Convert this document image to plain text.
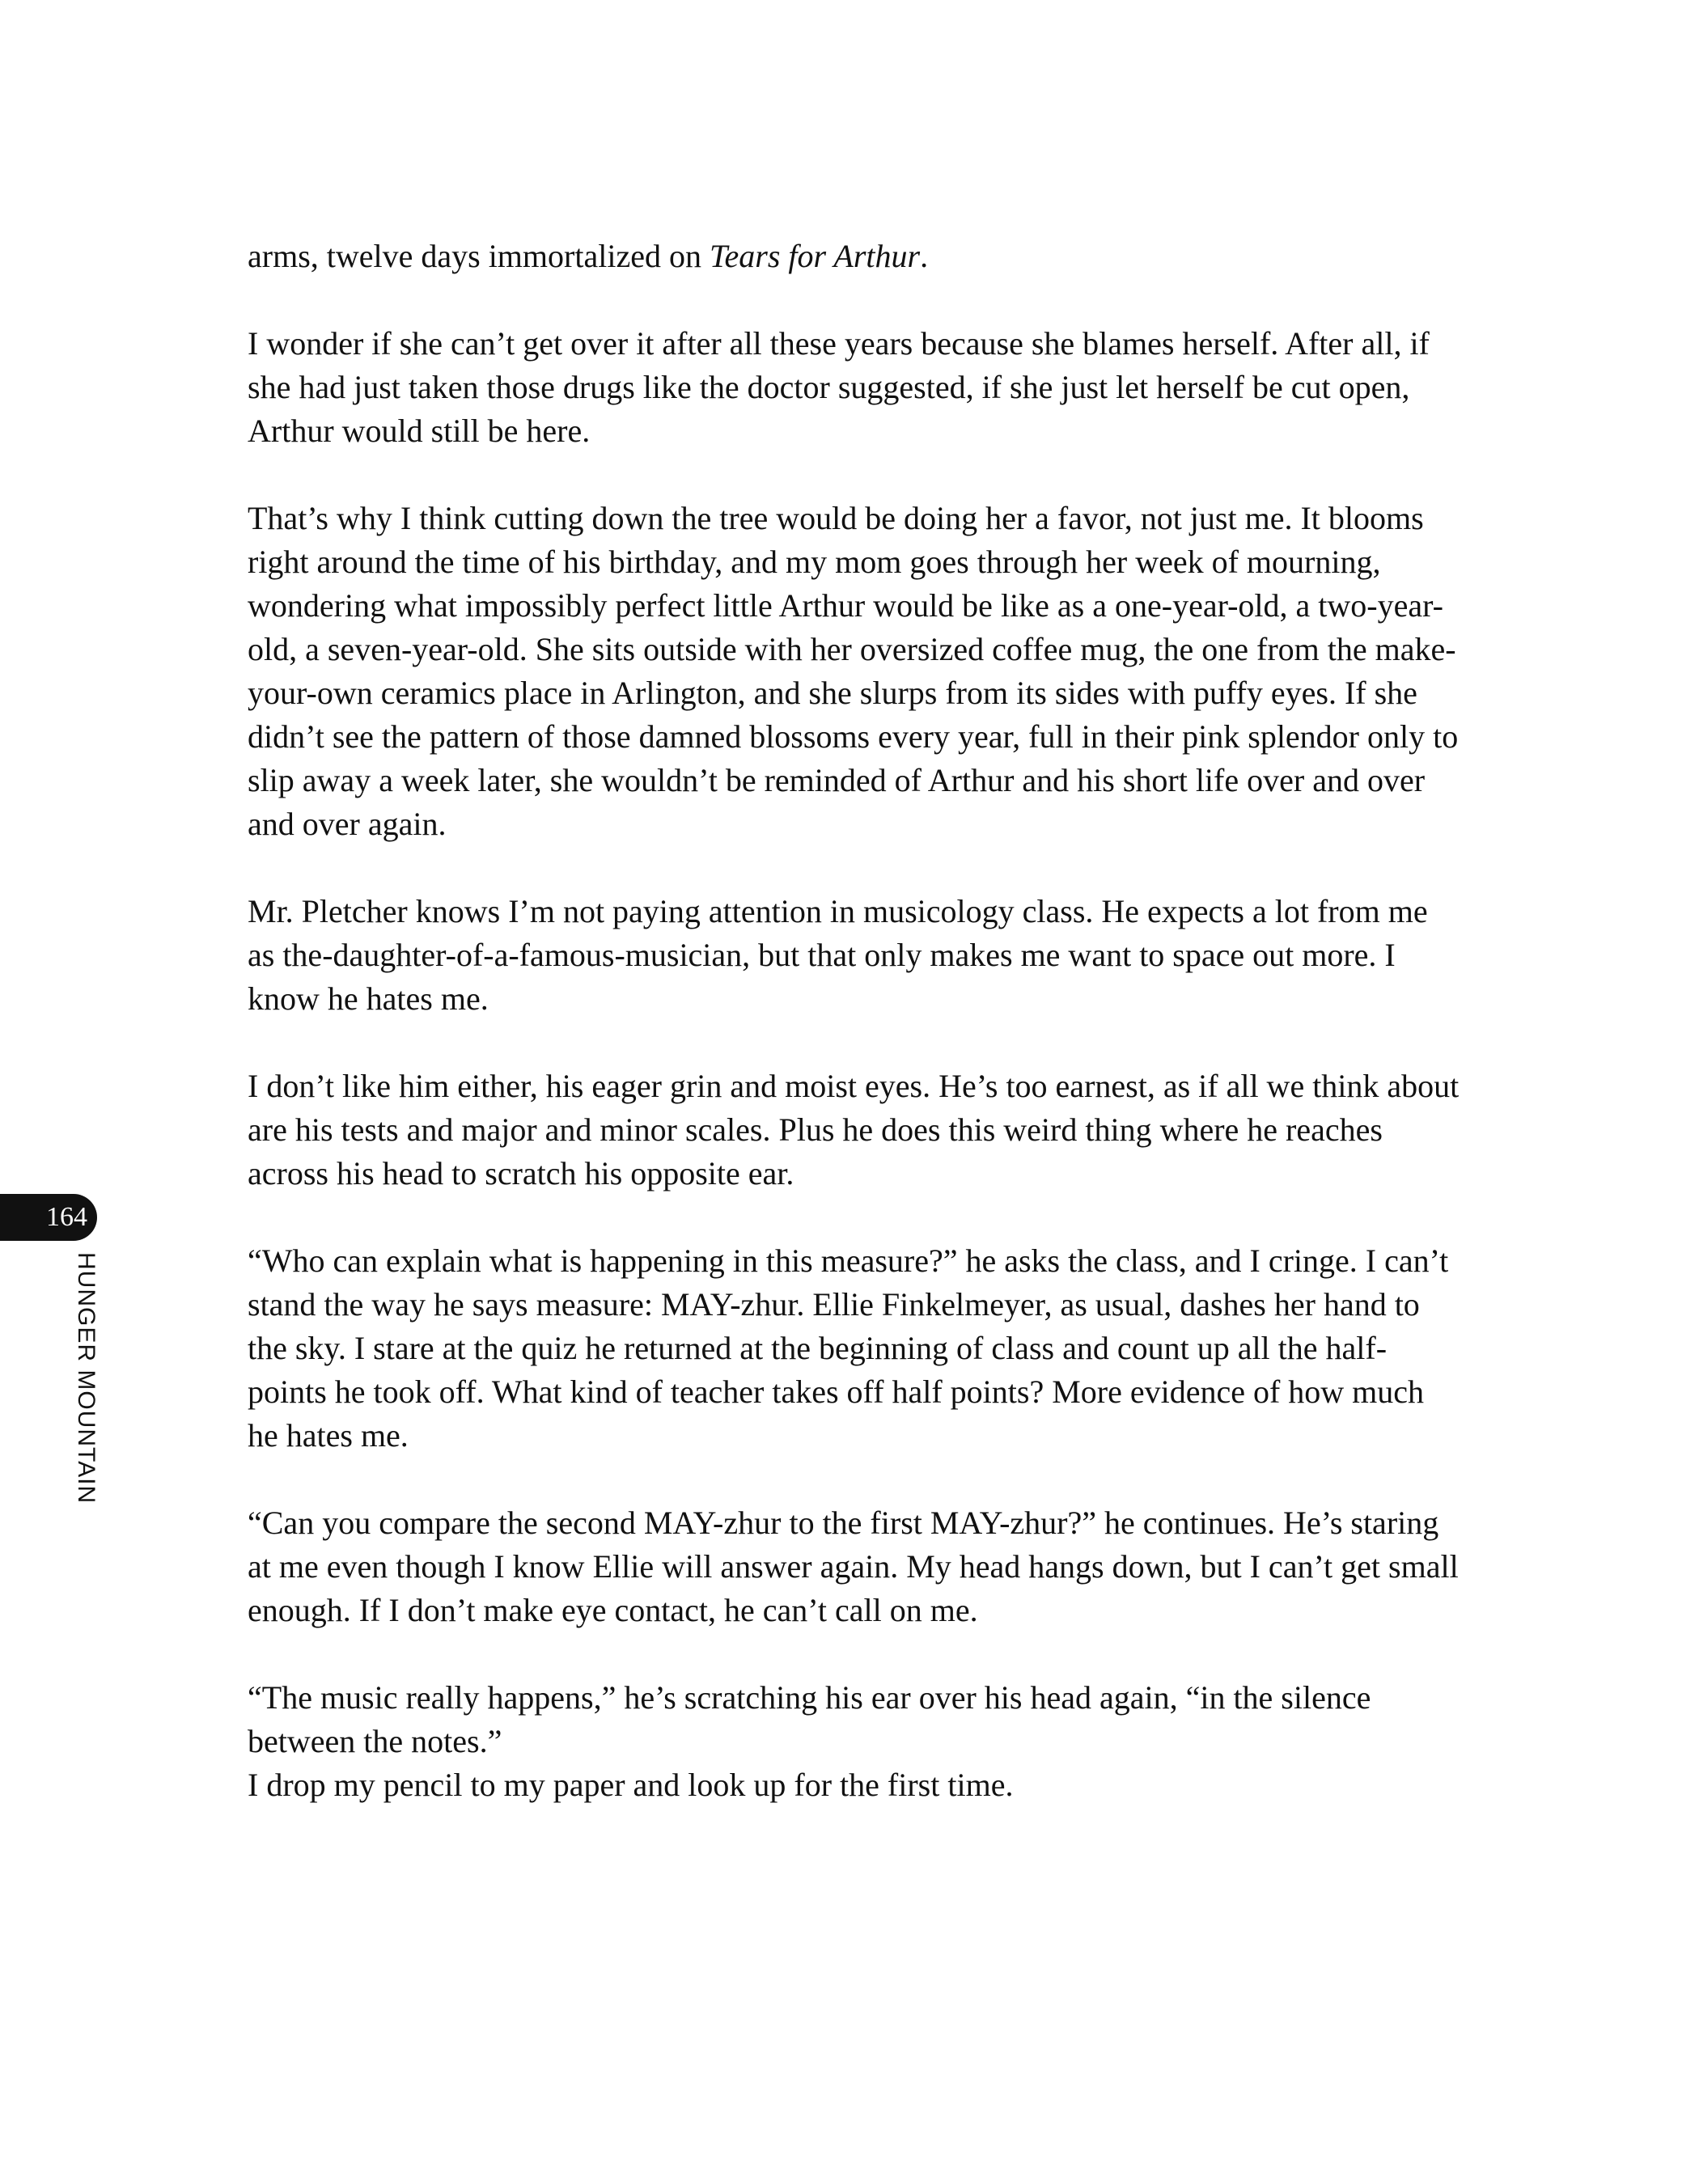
arms, twelve days immortalized on Tears for Arthur.

I wonder if she can’t get over it after all these years because she blames herself. After all, if she had just taken those drugs like the doctor suggested, if she just let herself be cut open, Arthur would still be here.

That’s why I think cutting down the tree would be doing her a favor, not just me. It blooms right around the time of his birthday, and my mom goes through her week of mourning, wondering what impossibly perfect little Arthur would be like as a one-year-old, a two-year-old, a seven-year-old. She sits outside with her oversized coffee mug, the one from the make-your-own ceramics place in Arlington, and she slurps from its sides with puffy eyes. If she didn’t see the pattern of those damned blossoms every year, full in their pink splendor only to slip away a week later, she wouldn’t be reminded of Arthur and his short life over and over and over again.

Mr. Pletcher knows I’m not paying attention in musicology class. He expects a lot from me as the-daughter-of-a-famous-musician, but that only makes me want to space out more. I know he hates me.

I don’t like him either, his eager grin and moist eyes. He’s too earnest, as if all we think about are his tests and major and minor scales. Plus he does this weird thing where he reaches across his head to scratch his opposite ear.

“Who can explain what is happening in this measure?” he asks the class, and I cringe. I can’t stand the way he says measure: MAY-zhur. Ellie Finkelmeyer, as usual, dashes her hand to the sky. I stare at the quiz he returned at the beginning of class and count up all the half-points he took off. What kind of teacher takes off half points? More evidence of how much he hates me.

“Can you compare the second MAY-zhur to the first MAY-zhur?” he continues. He’s staring at me even though I know Ellie will answer again. My head hangs down, but I can’t get small enough. If I don’t make eye contact, he can’t call on me.

“The music really happens,” he’s scratching his ear over his head again, “in the silence between the notes.”

I drop my pencil to my paper and look up for the first time.

164
HUNGER MOUNTAIN
